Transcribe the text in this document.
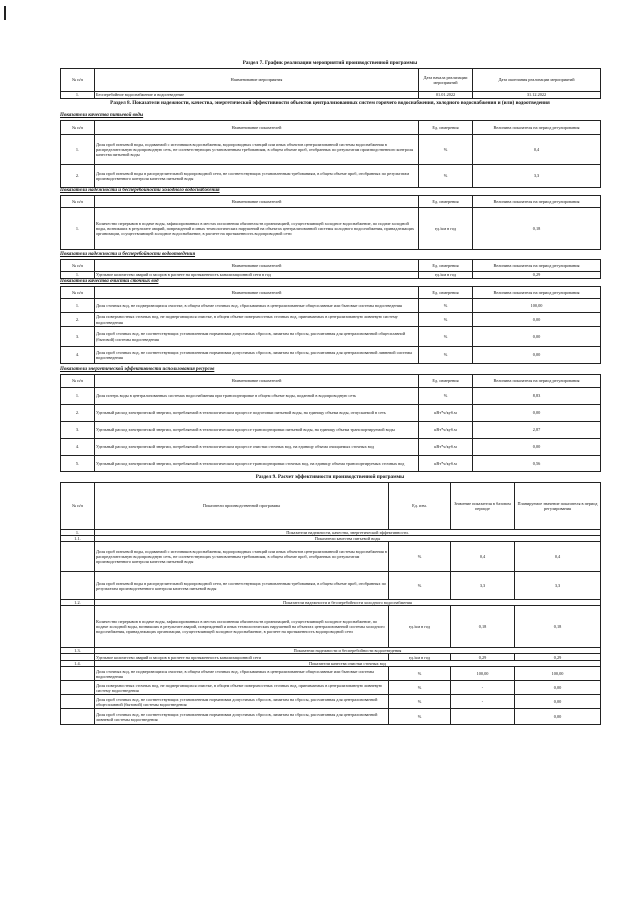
Раздел 7. График реализации мероприятий производственной программы
№ п/п	Наименование мероприятия	Дата начала реализации мероприятий	Дата окончания реализации мероприятий
1.	Бесперебойное водоснабжение и водоотведение	01.01.2022	31.12.2022
Раздел 8. Показатели надежности, качества, энергетической эффективности объектов централизованных систем горячего водоснабжения, холодного водоснабжения и (или) водоотведения
Показатели качества питьевой воды
№ п/п	Наименование показателей	Ед. измерения	Величина показателя на период регулирования
1.	Доля проб питьевой воды, подаваемой с источников водоснабжения, водопроводных станций или иных объектов централизованной системы водоснабжения в распределительную водопроводную сеть, не соответствующих установленным требованиям, в общем объеме проб, отобранных по результатам производственного контроля качества питьевой воды	%	0,4
2.	Доля проб питьевой воды в распределительной водопроводной сети, не соответствующих установленным требованиям, в общем объеме проб, отобранных по результатам производственного контроля качества питьевой воды	%	3,3
Показатели надежности и бесперебойности холодного водоснабжения
№ п/п	Наименование показателей	Ед. измерения	Величина показателя на период регулирования
1.	Количество перерывов в подаче воды, зафиксированных в местах исполнения обязательств организацией, осуществляющей холодное водоснабжение, по подаче холодной воды, возникших в результате аварий, повреждений и иных технологических нарушений на объектах централизованной системы холодного водоснабжения, принадлежащих организации, осуществляющей холодное водоснабжение, в расчете на протяженность водопроводной сети	ед./км в год	0,18
Показатели надежности и бесперебойности водоотведения
№ п/п	Наименование показателей	Ед. измерения	Величина показателя на период регулирования
1.	Удельное количество аварий и засоров в расчете на протяженность канализационной сети в год	ед./км в год	0,29
Показатели качества очистки сточных вод
№ п/п	Наименование показателей	Ед. измерения	Величина показателя на период регулирования
1.	Доля сточных вод, не подвергающихся очистке, в общем объеме сточных вод, сбрасываемых в централизованные общесплавные или бытовые системы водоотведения	%	100,00
2.	Доля поверхностных сточных вод, не подвергающихся очистке, в общем объеме поверхностных сточных вод, принимаемых в централизованную ливневую систему водоотведения	%	0,00
3.	Доля проб сточных вод, не соответствующих установленным нормативам допустимых сбросов, лимитам на сбросы, рассчитанная для централизованной общесплавной (бытовой) системы водоотведения	%	0,00
4.	Доля проб сточных вод, не соответствующих установленным нормативам допустимых сбросов, лимитам на сбросы, рассчитанная для централизованной ливневой системы водоотведения	%	0,00
Показатели энергетической эффективности использования ресурсов
№ п/п	Наименование показателей	Ед. измерения	Величина показателя на период регулирования
1.	Доля потерь воды в централизованных системах водоснабжения при транспортировке в общем объеме воды, поданной в водопроводную сеть	%	8,83
2.	Удельный расход электрической энергии, потребляемой в технологическом процессе подготовки питьевой воды, на единицу объема воды, отпускаемой в сеть	кВт*ч/куб.м	0,00
3.	Удельный расход электрической энергии, потребляемой в технологическом процессе транспортировки питьевой воды, на единицу объема транспортируемой воды	кВт*ч/куб.м	2,87
4.	Удельный расход электрической энергии, потребляемой в технологическом процессе очистки сточных вод, на единицу объема очищаемых сточных вод	кВт*ч/куб.м	0,00
5.	Удельный расход электрической энергии, потребляемой в технологическом процессе транспортировки сточных вод, на единицу объема транспортируемых сточных вод	кВт*ч/куб.м	0,56
Раздел 9. Расчет эффективности производственной программы
№ п/п	Показатели производственной программы	Ед. изм.	Значение показателя в базовом периоде	Планируемое значение показателя в период регулирования
1.	Показатели надежности, качества, энергетической эффективности.			
1.1.	Показатели качества питьевой воды			
	Доля проб питьевой воды, подаваемой с источников водоснабжения, водопроводных станций или иных объектов централизованной системы водоснабжения в распределительную водопроводную сеть, не соответствующих установленным требованиям, в общем объеме проб, отобранных по результатам производственного контроля качества питьевой воды	%	0,4	0,4
	Доля проб питьевой воды в распределительной водопроводной сети, не соответствующих установленным требованиям, в общем объеме проб, отобранных по результатам производственного контроля качества питьевой воды	%	3,3	3,3
1.2.	Показатели надежности и бесперебойности холодного водоснабжения			
	Количество перерывов в подаче воды, зафиксированных в местах исполнения обязательств организацией, осуществляющей холодное водоснабжение, по подаче холодной воды, возникших в результате аварий, повреждений и иных технологических нарушений на объектах централизованной системы холодного водоснабжения, принадлежащих организации, осуществляющей холодное водоснабжение, в расчете на протяженность водопроводной сети	ед./км в год	0,18	0,18
1.3.	Показатели надежности и бесперебойности водоотведения			
	Удельное количество аварий и засоров в расчете на протяженность канализационной сети	ед./км в год	0,29	0,29
1.4.	Показатели качества очистки сточных вод			
	Доля сточных вод, не подвергающихся очистке, в общем объеме сточных вод, сбрасываемых в централизованные общесплавные или бытовые системы водоотведения	%	100,00	100,00
	Доля поверхностных сточных вод, не подвергающихся очистке, в общем объеме поверхностных сточных вод, принимаемых в централизованную ливневую систему водоотведения	%	-	0,00
	Доля проб сточных вод, не соответствующих установленным нормативам допустимых сбросов, лимитам на сбросы, рассчитанная для централизованной общесплавной (бытовой) системы водоотведения	%	-	0,00
	Доля проб сточных вод, не соответствующих установленным нормативам допустимых сбросов, лимитам на сбросы, рассчитанная для централизованной ливневой системы водоотведения	%		0,00
